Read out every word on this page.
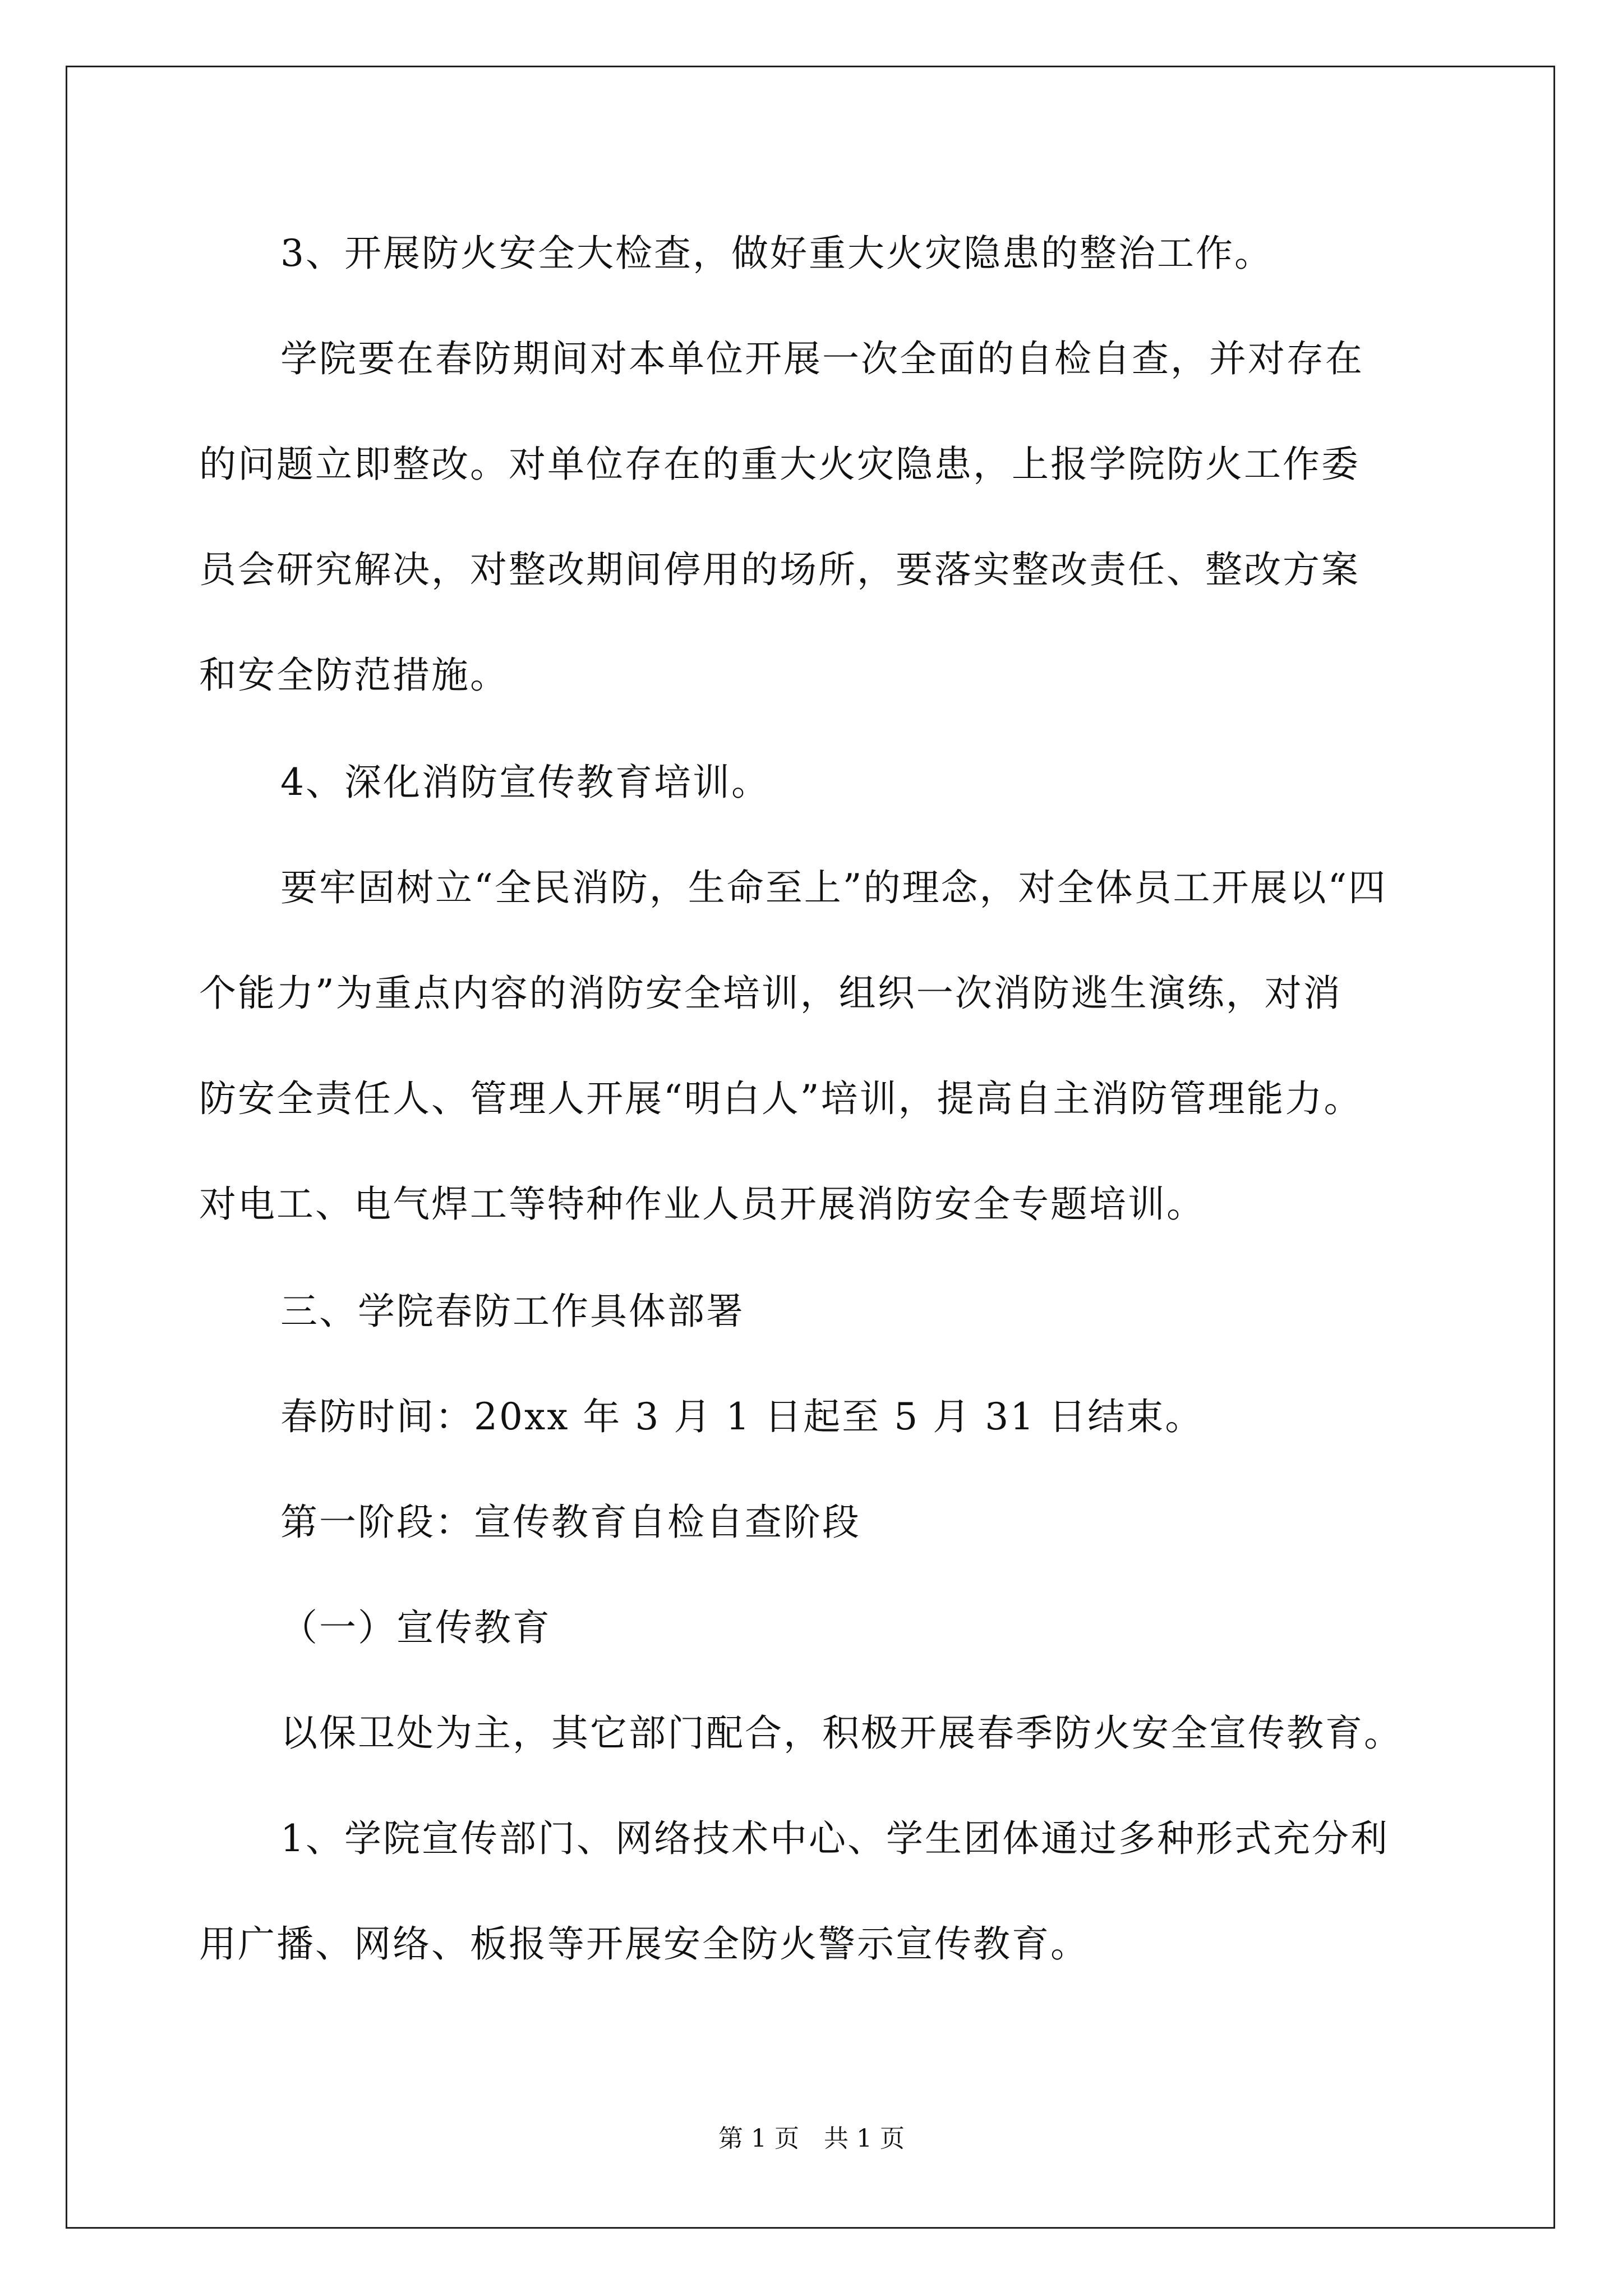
3、开展防火安全大检查，做好重大火灾隐患的整治工作。
学院要在春防期间对本单位开展一次全面的自检自查，并对存在
的问题立即整改。对单位存在的重大火灾隐患，上报学院防火工作委
员会研究解决，对整改期间停用的场所，要落实整改责任、整改方案
和安全防范措施。
4、深化消防宣传教育培训。
要牢固树立“全民消防，生命至上”的理念，对全体员工开展以“四
个能力”为重点内容的消防安全培训，组织一次消防逃生演练，对消
防安全责任人、管理人开展“明白人”培训，提高自主消防管理能力。
对电工、电气焊工等特种作业人员开展消防安全专题培训。
三、学院春防工作具体部署
春防时间：20xx 年 3 月 1 日起至 5 月 31 日结束。
第一阶段：宣传教育自检自查阶段
（一）宣传教育
以保卫处为主，其它部门配合，积极开展春季防火安全宣传教育。
1、学院宣传部门、网络技术中心、学生团体通过多种形式充分利
用广播、网络、板报等开展安全防火警示宣传教育。
第 1 页　共 1 页
